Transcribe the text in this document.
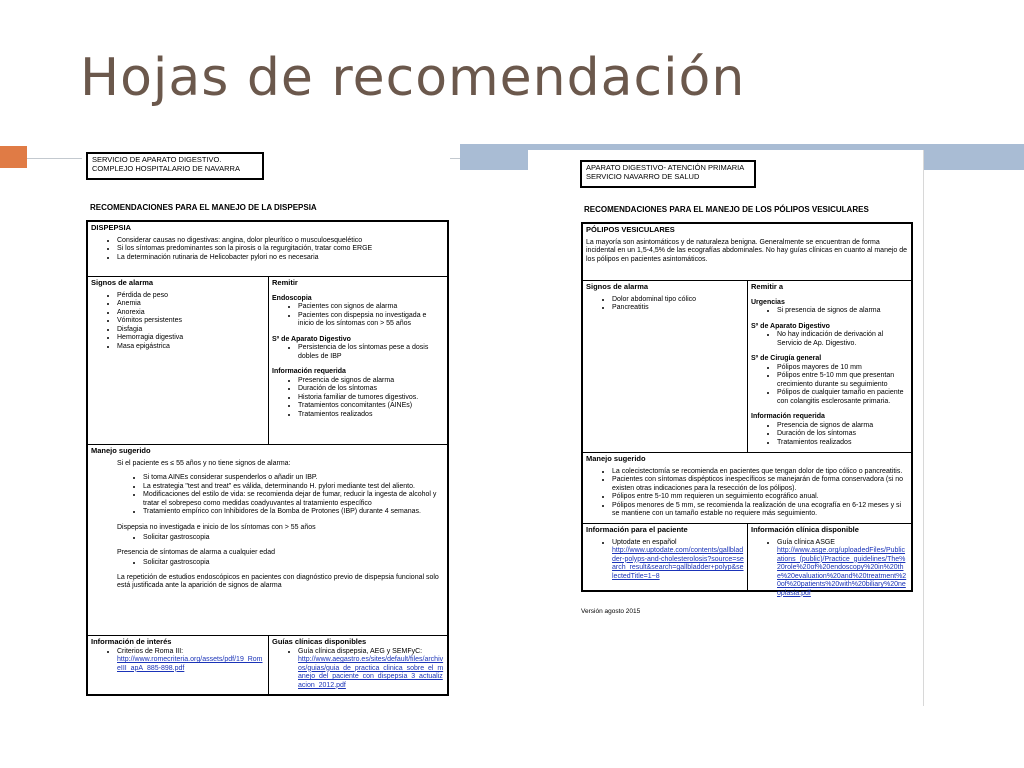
Hojas de recomendación
SERVICIO DE APARATO DIGESTIVO.
COMPLEJO HOSPITALARIO DE NAVARRA
RECOMENDACIONES PARA EL MANEJO DE LA DISPEPSIA
DISPEPSIA
• Considerar causas no digestivas: angina, dolor pleurítico o musculoesquelético
• Si los síntomas predominantes son la pirosis o la regurgitación, tratar como ERGE
• La determinación rutinaria de Helicobacter pylori no es necesaria
Signos de alarma
• Pérdida de peso
• Anemia
• Anorexia
• Vómitos persistentes
• Disfagia
• Hemorragia digestiva
• Masa epigástrica
Remitir
Endoscopia
• Pacientes con signos de alarma
• Pacientes con dispepsia no investigada e inicio de los síntomas con > 55 años
Sº de Aparato Digestivo
• Persistencia de los síntomas pese a dosis dobles de IBP
Información requerida
• Presencia de signos de alarma
• Duración de los síntomas
• Historia familiar de tumores digestivos.
• Tratamientos concomitantes (AINEs)
• Tratamientos realizados
Manejo sugerido
Si el paciente es ≤ 55 años y no tiene signos de alarma:
• Si toma AINEs considerar suspenderlos o añadir un IBP.
• La estrategia "test and treat" es válida, determinando H. pylori mediante test del aliento.
• Modificaciones del estilo de vida: se recomienda dejar de fumar, reducir la ingesta de alcohol y tratar el sobrepeso como medidas coadyuvantes al tratamiento específico
• Tratamiento empírico con Inhibidores de la Bomba de Protones (IBP) durante 4 semanas.
Dispepsia no investigada e inicio de los síntomas con > 55 años
• Solicitar gastroscopia
Presencia de síntomas de alarma a cualquier edad
• Solicitar gastroscopia
La repetición de estudios endoscópicos en pacientes con diagnóstico previo de dispepsia funcional solo está justificada ante la aparición de signos de alarma
Información de interés
• Criterios de Roma III:
http://www.romecriteria.org/assets/pdf/19_RomeIII_apA_885-898.pdf
Guías clínicas disponibles
• Guía clínica dispepsia, AEG y SEMFyC:
http://www.aegastro.es/sites/default/files/archivos/guias/guia_de_practica_clinica_sobre_el_manejo_del_paciente_con_dispepsia_3_actualizacion_2012.pdf
APARATO DIGESTIVO- ATENCIÓN PRIMARIA
SERVICIO NAVARRO DE SALUD
RECOMENDACIONES PARA EL MANEJO DE LOS PÓLIPOS VESICULARES
PÓLIPOS VESICULARES
La mayoría son asintomáticos y de naturaleza benigna. Generalmente se encuentran de forma incidental en un 1,5-4,5% de las ecografías abdominales. No hay guías clínicas en cuanto al manejo de los pólipos en pacientes asintomáticos.
Signos de alarma
• Dolor abdominal tipo cólico
• Pancreatitis
Remitir a
Urgencias
• Si presencia de signos de alarma
Sº de Aparato Digestivo
• No hay indicación de derivación al Servicio de Ap. Digestivo.
Sº de Cirugía general
• Pólipos mayores de 10 mm
• Pólipos entre 5-10 mm que presentan crecimiento durante su seguimiento
• Pólipos de cualquier tamaño en paciente con colangitis esclerosante primaria.
Información requerida
• Presencia de signos de alarma
• Duración de los síntomas
• Tratamientos realizados
Manejo sugerido
• La colecistectomía se recomienda en pacientes que tengan dolor de tipo cólico o pancreatitis.
• Pacientes con síntomas dispépticos inespecíficos se manejarán de forma conservadora (si no existen otras indicaciones para la resección de los pólipos).
• Pólipos entre 5-10 mm requieren un seguimiento ecográfico anual.
• Pólipos menores de 5 mm, se recomienda la realización de una ecografía en 6-12 meses y si se mantiene con un tamaño estable no requiere más seguimiento.
Información para el paciente
• Uptodate en español
http://www.uptodate.com/contents/gallbladder-polyps-and-cholesterolosis?source=search_result&search=gallbladder+polyp&selectedTitle=1~8
Información clínica disponible
• Guía clínica ASGE
http://www.asge.org/uploadedFiles/Publications_(public)/Practice_guidelines/The%20role%20of%20endoscopy%20in%20the%20evaluation%20and%20treatment%20of%20patients%20with%20biliary%20neoplasia.pdf
Versión agosto 2015
